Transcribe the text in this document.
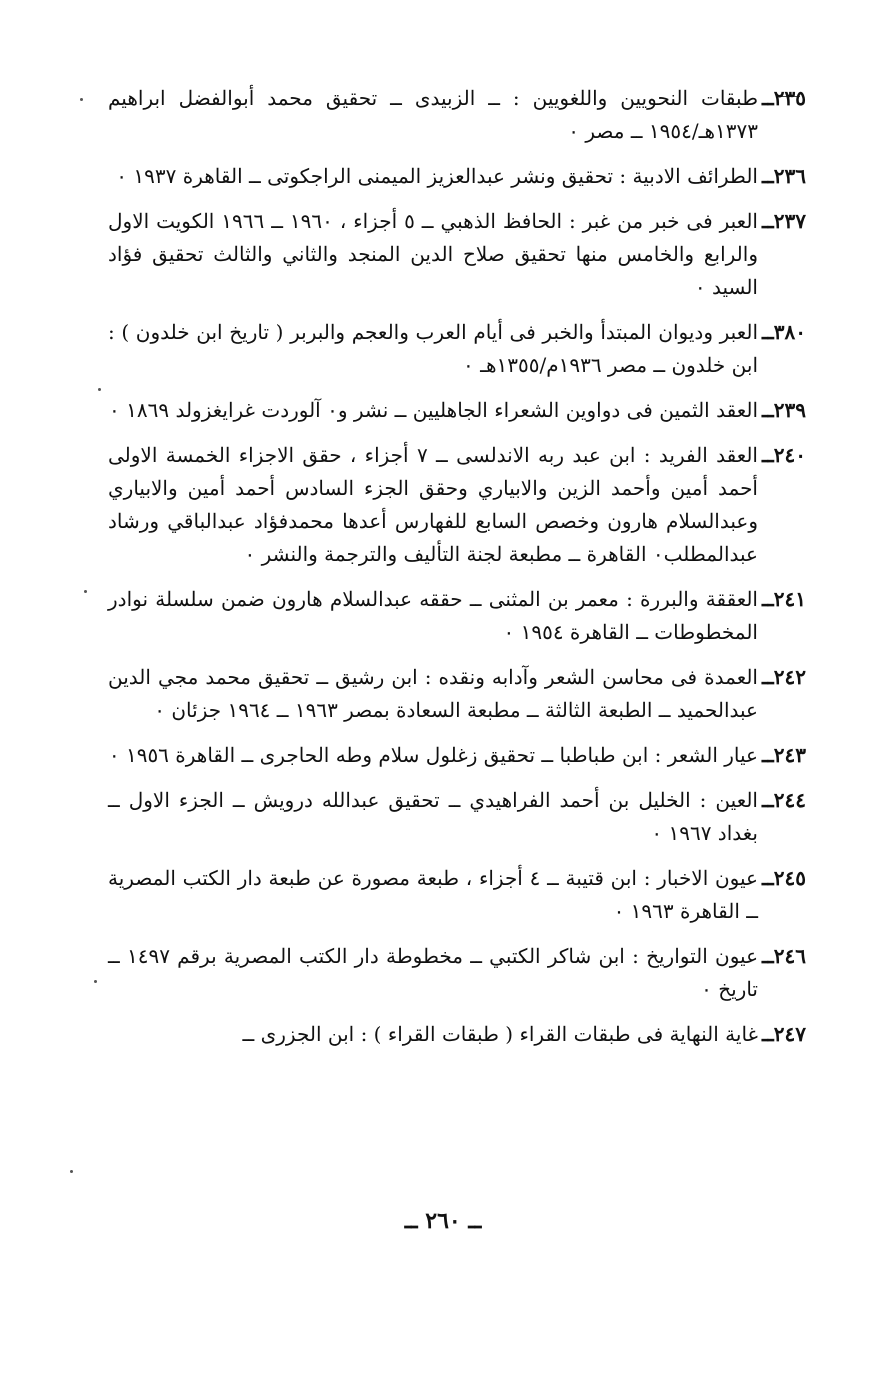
٢٣٥ــ
طبقات النحويين واللغويين : ــ الزبيدى ــ تحقيق محمد أبوالفضل ابراهيم ١٣٧٣هـ/١٩٥٤ ــ مصر ٠
٢٣٦ــ
الطرائف الادبية : تحقيق ونشر عبدالعزيز الميمنى الراجكوتى ــ القاهرة ١٩٣٧ ٠
٢٣٧ــ
العبر فى خبر من غبر : الحافظ الذهبي ــ ٥ أجزاء ، ١٩٦٠ ــ ١٩٦٦ الكويت الاول والرابع والخامس منها تحقيق صلاح الدين المنجد والثاني والثالث تحقيق فؤاد السيد ٠
٣٨٠ــ
العبر وديوان المبتدأ والخبر فى أيام العرب والعجم والبربر ( تاريخ ابن خلدون ) : ابن خلدون ــ مصر ١٩٣٦م/١٣٥٥هـ ٠
٢٣٩ــ
العقد الثمين فى دواوين الشعراء الجاهليين ــ نشر و٠ آلوردت غرايغزولد ١٨٦٩ ٠
٢٤٠ــ
العقد الفريد : ابن عبد ربه الاندلسى ــ ٧ أجزاء ، حقق الاجزاء الخمسة الاولى أحمد أمين وأحمد الزين والابياري وحقق الجزء السادس أحمد أمين والابياري وعبدالسلام هارون وخصص السابع للفهارس أعدها محمدفؤاد عبدالباقي ورشاد عبدالمطلب٠ القاهرة ــ مطبعة لجنة التأليف والترجمة والنشر ٠
٢٤١ــ
العققة والبررة : معمر بن المثنى ــ حققه عبدالسلام هارون ضمن سلسلة نوادر المخطوطات ــ القاهرة ١٩٥٤ ٠
٢٤٢ــ
العمدة فى محاسن الشعر وآدابه ونقده : ابن رشيق ــ تحقيق محمد مجي الدين عبدالحميد ــ الطبعة الثالثة ــ مطبعة السعادة بمصر ١٩٦٣ ــ ١٩٦٤ جزئان ٠
٢٤٣ــ
عيار الشعر : ابن طباطبا ــ تحقيق زغلول سلام وطه الحاجرى ــ القاهرة ١٩٥٦ ٠
٢٤٤ــ
العين : الخليل بن أحمد الفراهيدي ــ تحقيق عبدالله درويش ــ الجزء الاول ــ بغداد ١٩٦٧ ٠
٢٤٥ــ
عيون الاخبار : ابن قتيبة ــ ٤ أجزاء ، طبعة مصورة عن طبعة دار الكتب المصرية ــ القاهرة ١٩٦٣ ٠
٢٤٦ــ
عيون التواريخ : ابن شاكر الكتبي ــ مخطوطة دار الكتب المصرية برقم ١٤٩٧ ــ تاريخ ٠
٢٤٧ــ
غاية النهاية فى طبقات القراء ( طبقات القراء ) : ابن الجزرى ــ
ــ ٢٦٠ ــ
